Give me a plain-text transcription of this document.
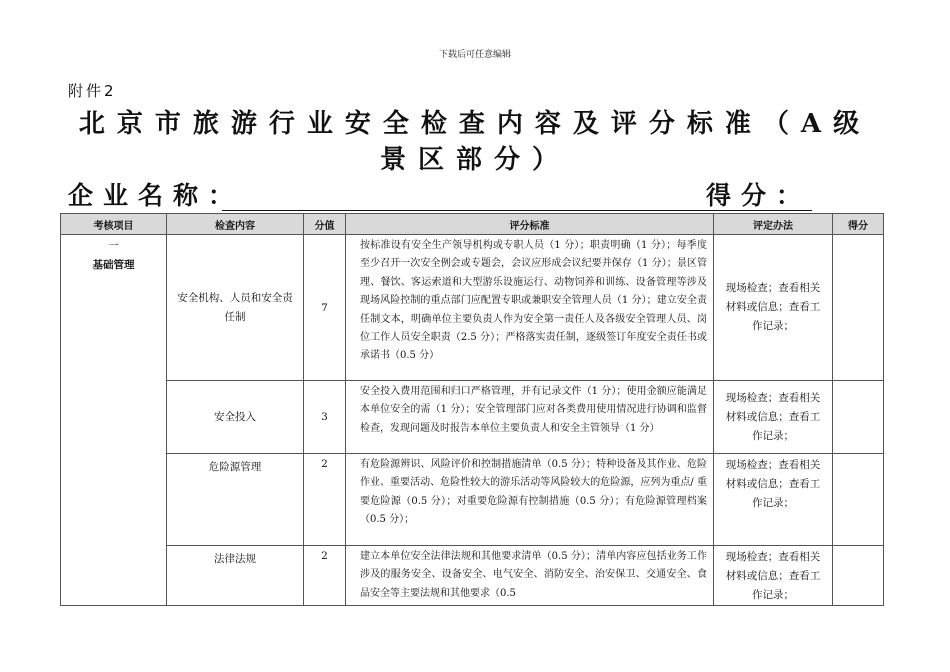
下载后可任意编辑
附件2
北京市旅游行业安全检查内容及评分标准（A级景区部分）
企业名称：	得分：
考核项目	检查内容	分值	评分标准	评定办法	得分

一
基础管理	安全机构、人员和安全责任制	7	按标准设有安全生产领导机构或专职人员（1 分）；职责明确（1 分）；每季度至少召开一次安全例会或专题会，会议应形成会议纪要并保存（1 分）；景区管理、餐饮、客运索道和大型游乐设施运行、动物饲养和训练、设备管理等涉及现场风险控制的重点部门应配置专职或兼职安全管理人员（1 分）；建立安全责任制文本，明确单位主要负责人作为安全第一责任人及各级安全管理人员、岗位工作人员安全职责（2.5 分）；严格落实责任制，逐级签订年度安全责任书或承诺书（0.5 分）	现场检查；查看相关材料或信息；查看工作记录；	
	安全投入	3	安全投入费用范围和归口严格管理，并有记录文件（1 分）；使用金额应能满足本单位安全的需（1 分）；安全管理部门应对各类费用使用情况进行协调和监督检查，发现问题及时报告本单位主要负责人和安全主管领导（1 分）	现场检查；查看相关材料或信息；查看工作记录；	
	危险源管理	2	有危险源辨识、风险评价和控制措施清单（0.5 分）；特种设备及其作业、危险作业、重要活动、危险性较大的游乐活动等风险较大的危险源，应列为重点/ 重要危险源（0.5 分）；对重要危险源有控制措施（0.5 分）；有危险源管理档案（0.5 分）；	现场检查；查看相关材料或信息；查看工作记录；	
	法律法规	2	建立本单位安全法律法规和其他要求清单（0.5 分）；清单内容应包括业务工作涉及的服务安全、设备安全、电气安全、消防安全、治安保卫、交通安全、食品安全等主要法规和其他要求（0.5	现场检查；查看相关材料或信息；查看工作记录；	
